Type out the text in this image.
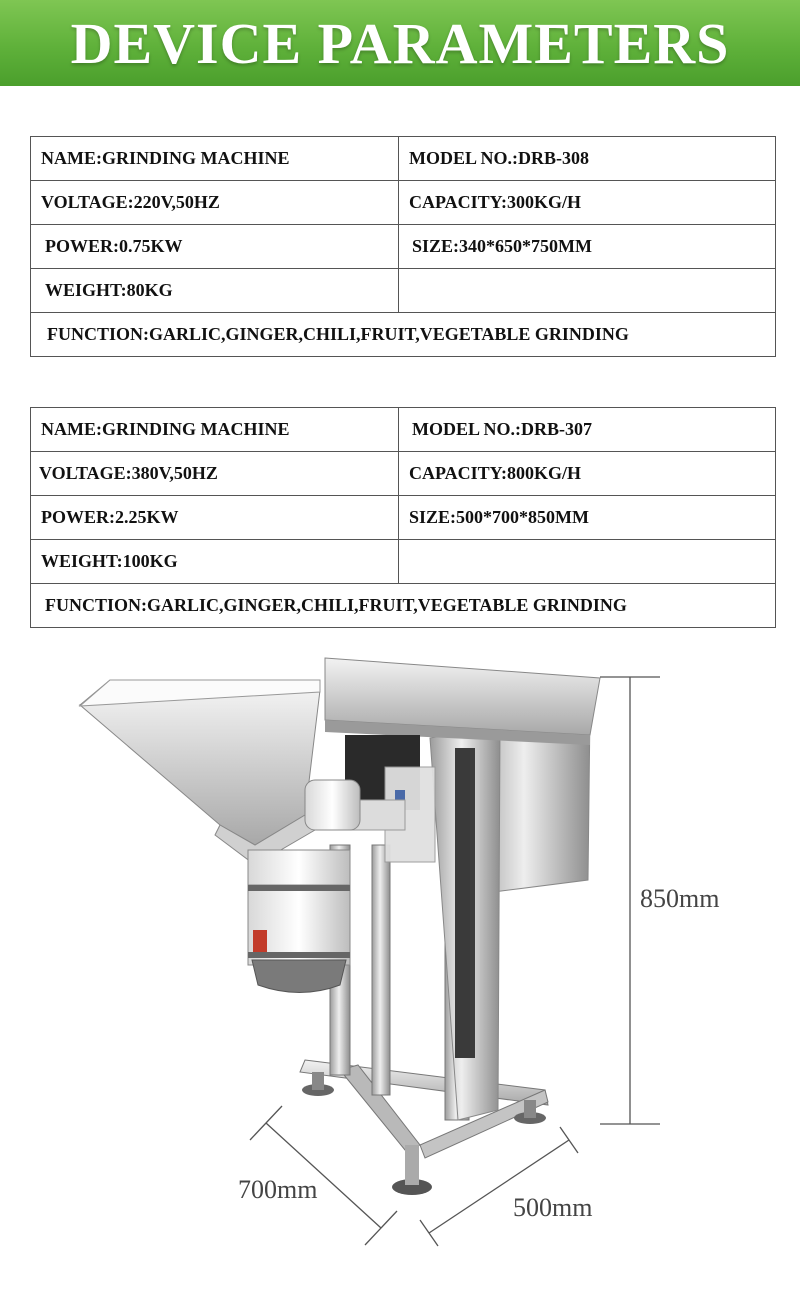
DEVICE PARAMETERS
NAME:GRINDING MACHINE	MODEL NO.:DRB-308
VOLTAGE:220V,50HZ	CAPACITY:300KG/H
POWER:0.75KW	SIZE:340*650*750MM
WEIGHT:80KG	
FUNCTION:GARLIC,GINGER,CHILI,FRUIT,VEGETABLE GRINDING	
NAME:GRINDING MACHINE	MODEL NO.:DRB-307
VOLTAGE:380V,50HZ	CAPACITY:800KG/H
POWER:2.25KW	SIZE:500*700*850MM
WEIGHT:100KG	
FUNCTION:GARLIC,GINGER,CHILI,FRUIT,VEGETABLE GRINDING	
850mm
700mm
500mm
